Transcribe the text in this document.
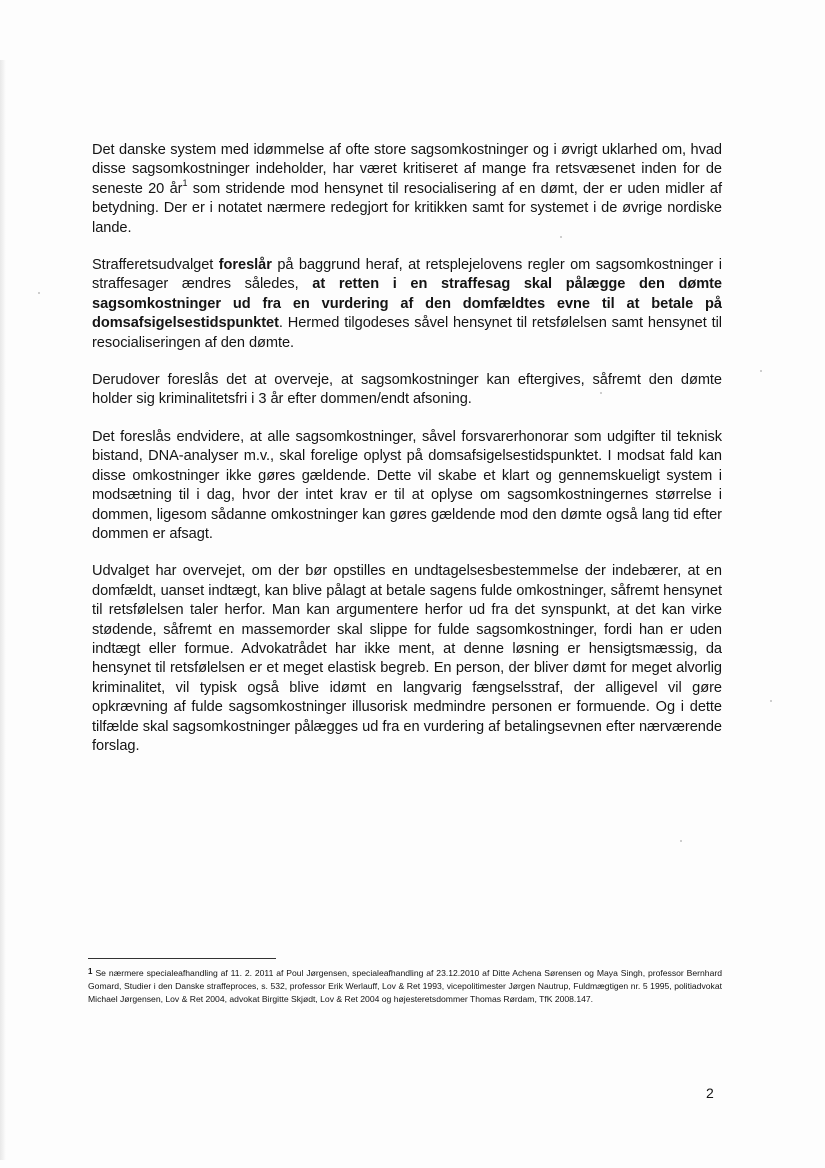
Det danske system med idømmelse af ofte store sagsomkostninger og i øvrigt uklarhed om, hvad disse sagsomkostninger indeholder, har været kritiseret af mange fra retsvæsenet inden for de seneste 20 $år^1$ som stridende mod hensynet til resocialisering af en dømt, der er uden midler af betydning. Der er i notatet nærmere redegjort for kritikken samt for systemet i de øvrige nordiske lande.

Strafferetsudvalget foreslår på baggrund heraf, at retsplejelovens regler om sagsomkostninger i straffesager ændres således, at retten i en straffesag skal pålægge den dømte sagsomkostninger ud fra en vurdering af den domfældtes evne til at betale på domsafsigelsestidspunktet. Hermed tilgodeses såvel hensynet til retsfølelsen samt hensynet til resocialiseringen af den dømte.

Derudover foreslås det at overveje, at sagsomkostninger kan eftergives, såfremt den dømte holder sig kriminalitetsfri i 3 år efter dommen/endt afsoning.

Det foreslås endvidere, at alle sagsomkostninger, såvel forsvarerhonorar som udgifter til teknisk bistand, DNA-analyser m.v., skal forelige oplyst på domsafsigelsestidspunktet. I modsat fald kan disse omkostninger ikke gøres gældende. Dette vil skabe et klart og gennemskueligt system i modsætning til i dag, hvor der intet krav er til at oplyse om sagsomkostningernes størrelse i dommen, ligesom sådanne omkostninger kan gøres gældende mod den dømte også lang tid efter dommen er afsagt.

Udvalget har overvejet, om der bør opstilles en undtagelsesbestemmelse der indebærer, at en domfældt, uanset indtægt, kan blive pålagt at betale sagens fulde omkostninger, såfremt hensynet til retsfølelsen taler herfor. Man kan argumentere herfor ud fra det synspunkt, at det kan virke stødende, såfremt en massemorder skal slippe for fulde sagsomkostninger, fordi han er uden indtægt eller formue. Advokatrådet har ikke ment, at denne løsning er hensigtsmæssig, da hensynet til retsfølelsen er et meget elastisk begreb. En person, der bliver dømt for meget alvorlig kriminalitet, vil typisk også blive idømt en langvarig fængselsstraf, der alligevel vil gøre opkrævning af fulde sagsomkostninger illusorisk medmindre personen er formuende. Og i dette tilfælde skal sagsomkostninger pålægges ud fra en vurdering af betalingsevnen efter nærværende forslag.

1 Se nærmere specialeafhandling af 11. 2. 2011 af Poul Jørgensen, specialeafhandling af 23.12.2010 af Ditte Achena Sørensen og Maya Singh, professor Bernhard Gomard, Studier i den Danske straffeproces, s. 532, professor Erik Werlauff, Lov & Ret 1993, vicepolitimester Jørgen Nautrup, Fuldmægtigen nr. 5 1995, politiadvokat Michael Jørgensen, Lov & Ret 2004, advokat Birgitte Skjødt, Lov & Ret 2004 og højesteretsdommer Thomas Rørdam, TfK 2008.147.
2
